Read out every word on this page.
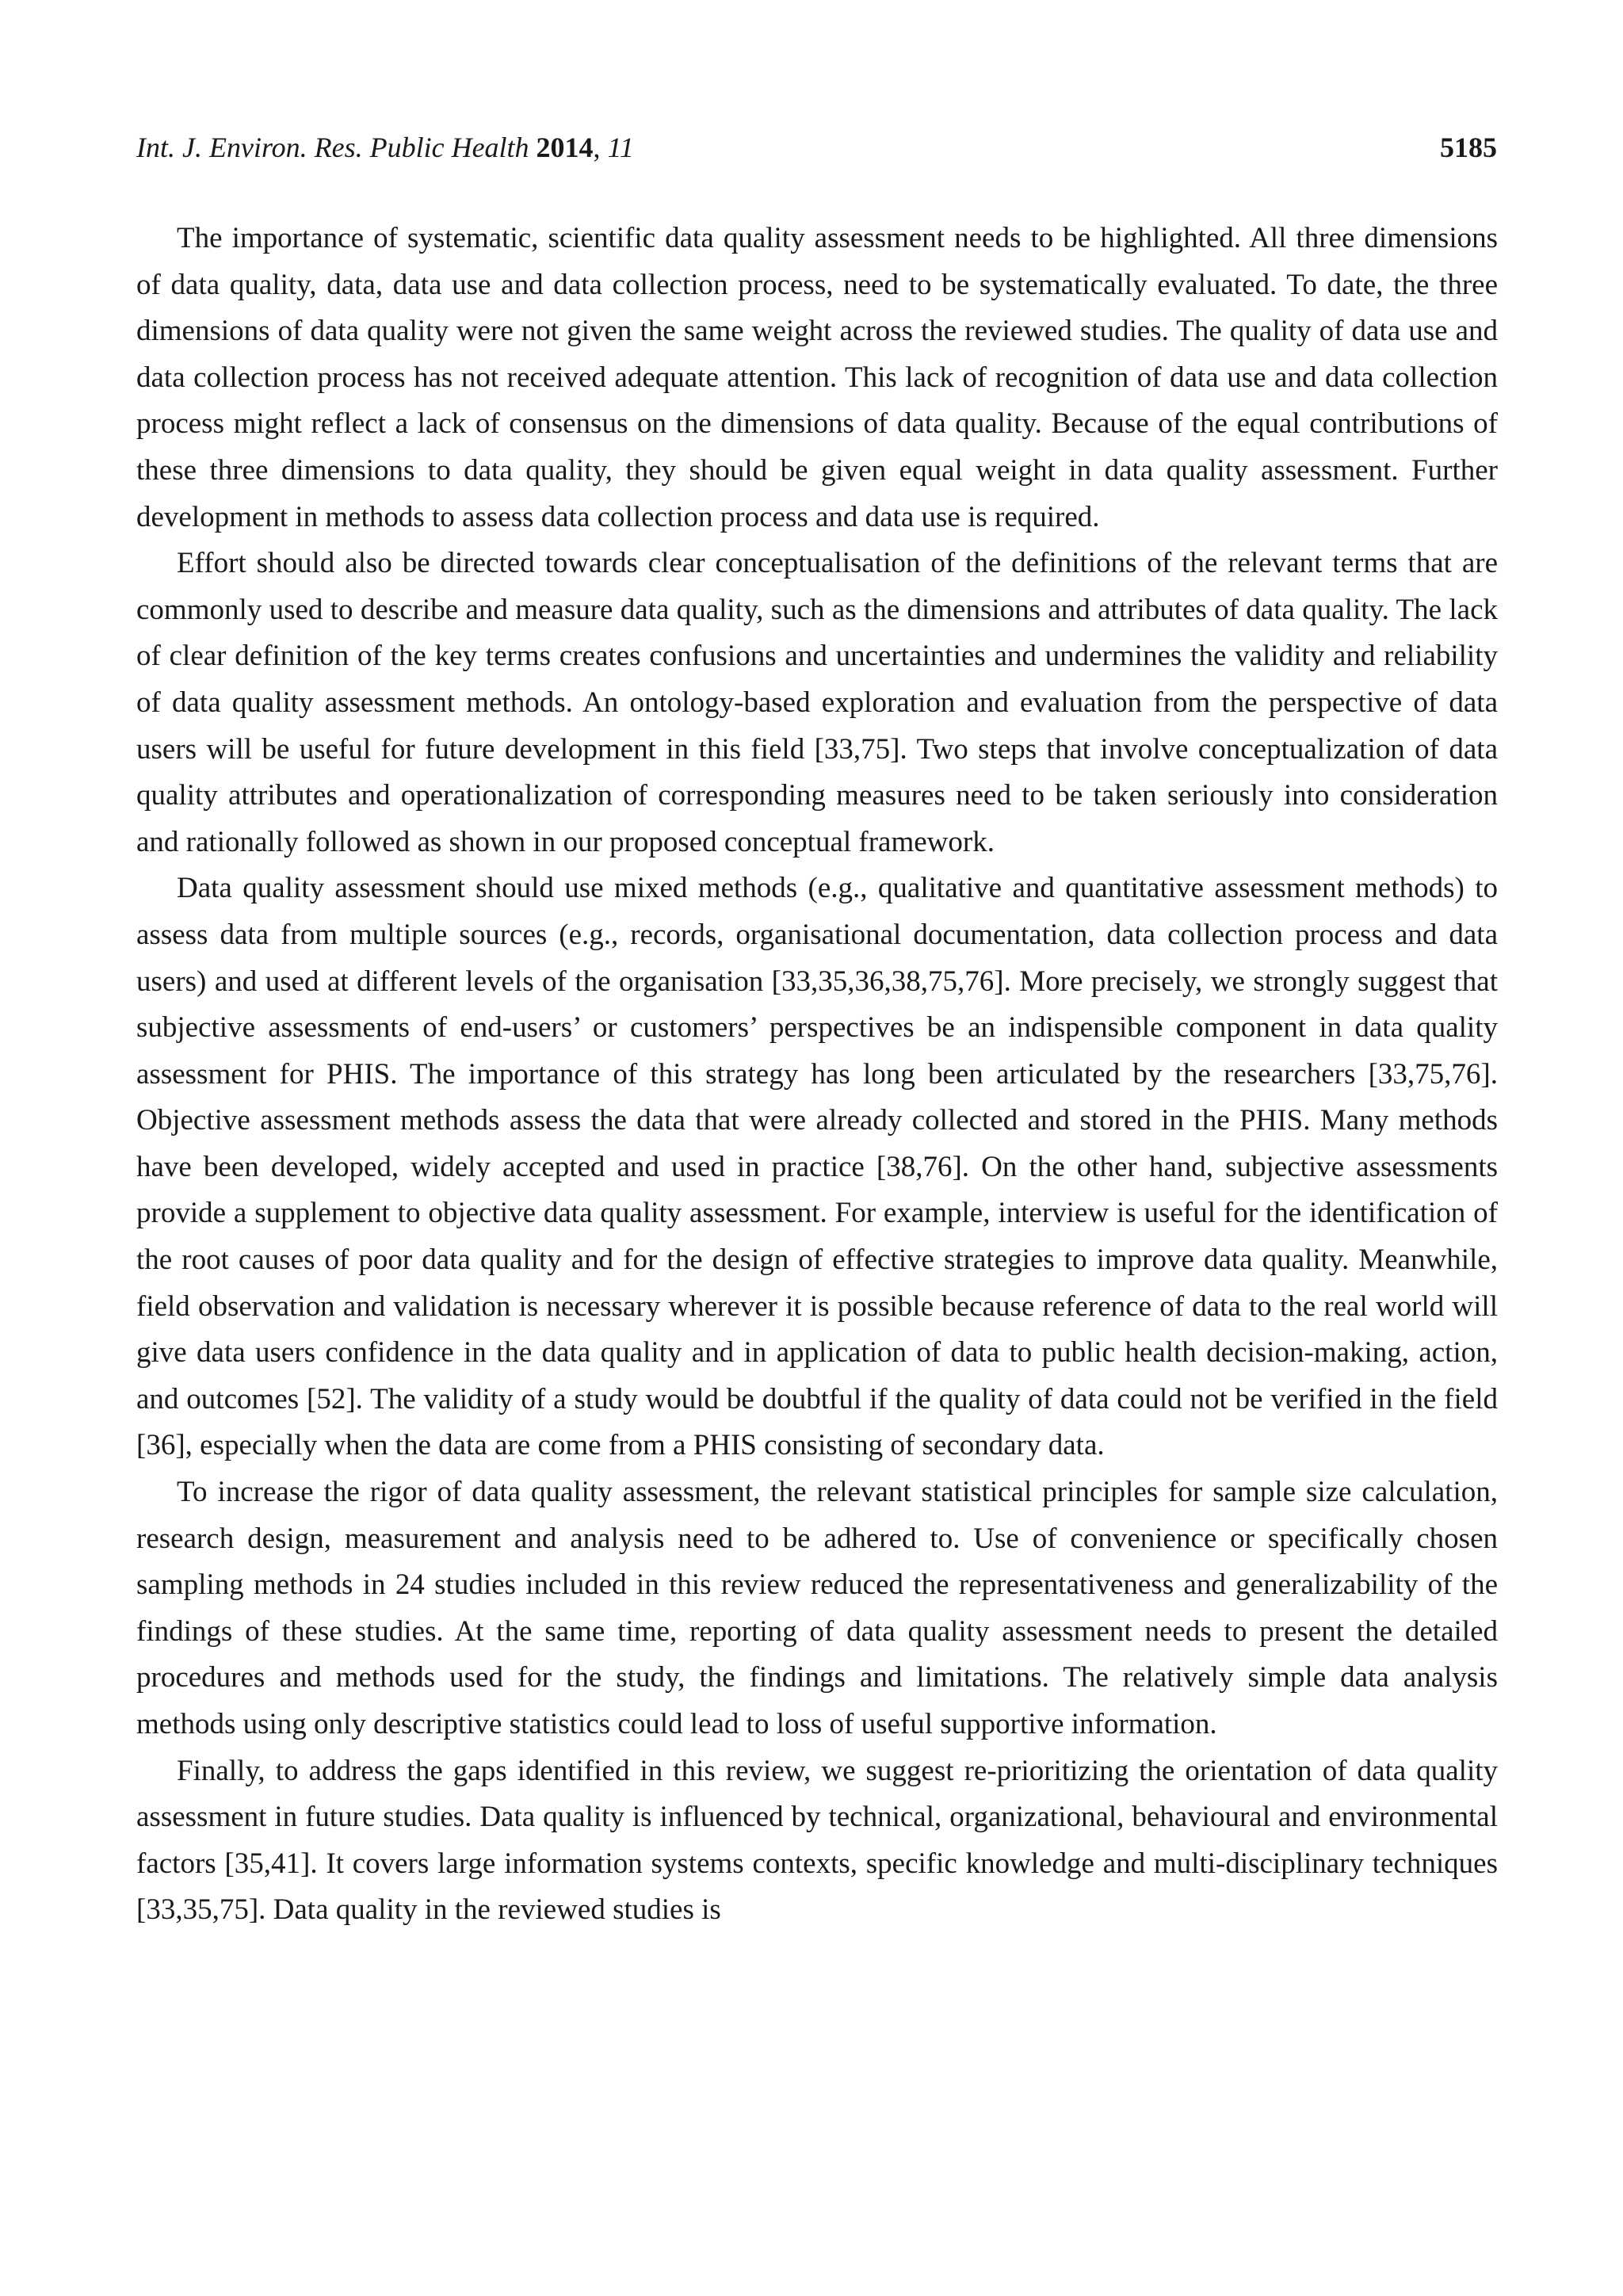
Int. J. Environ. Res. Public Health 2014, 11	5185

The importance of systematic, scientific data quality assessment needs to be highlighted. All three dimensions of data quality, data, data use and data collection process, need to be systematically evaluated. To date, the three dimensions of data quality were not given the same weight across the reviewed studies. The quality of data use and data collection process has not received adequate attention. This lack of recognition of data use and data collection process might reflect a lack of consensus on the dimensions of data quality. Because of the equal contributions of these three dimensions to data quality, they should be given equal weight in data quality assessment. Further development in methods to assess data collection process and data use is required.

Effort should also be directed towards clear conceptualisation of the definitions of the relevant terms that are commonly used to describe and measure data quality, such as the dimensions and attributes of data quality. The lack of clear definition of the key terms creates confusions and uncertainties and undermines the validity and reliability of data quality assessment methods. An ontology-based exploration and evaluation from the perspective of data users will be useful for future development in this field [33,75]. Two steps that involve conceptualization of data quality attributes and operationalization of corresponding measures need to be taken seriously into consideration and rationally followed as shown in our proposed conceptual framework.

Data quality assessment should use mixed methods (e.g., qualitative and quantitative assessment methods) to assess data from multiple sources (e.g., records, organisational documentation, data collection process and data users) and used at different levels of the organisation [33,35,36,38,75,76]. More precisely, we strongly suggest that subjective assessments of end-users’ or customers’ perspectives be an indispensible component in data quality assessment for PHIS. The importance of this strategy has long been articulated by the researchers [33,75,76]. Objective assessment methods assess the data that were already collected and stored in the PHIS. Many methods have been developed, widely accepted and used in practice [38,76]. On the other hand, subjective assessments provide a supplement to objective data quality assessment. For example, interview is useful for the identification of the root causes of poor data quality and for the design of effective strategies to improve data quality. Meanwhile, field observation and validation is necessary wherever it is possible because reference of data to the real world will give data users confidence in the data quality and in application of data to public health decision-making, action, and outcomes [52]. The validity of a study would be doubtful if the quality of data could not be verified in the field [36], especially when the data are come from a PHIS consisting of secondary data.

To increase the rigor of data quality assessment, the relevant statistical principles for sample size calculation, research design, measurement and analysis need to be adhered to. Use of convenience or specifically chosen sampling methods in 24 studies included in this review reduced the representativeness and generalizability of the findings of these studies. At the same time, reporting of data quality assessment needs to present the detailed procedures and methods used for the study, the findings and limitations. The relatively simple data analysis methods using only descriptive statistics could lead to loss of useful supportive information.

Finally, to address the gaps identified in this review, we suggest re-prioritizing the orientation of data quality assessment in future studies. Data quality is influenced by technical, organizational, behavioural and environmental factors [35,41]. It covers large information systems contexts, specific knowledge and multi-disciplinary techniques [33,35,75]. Data quality in the reviewed studies is
